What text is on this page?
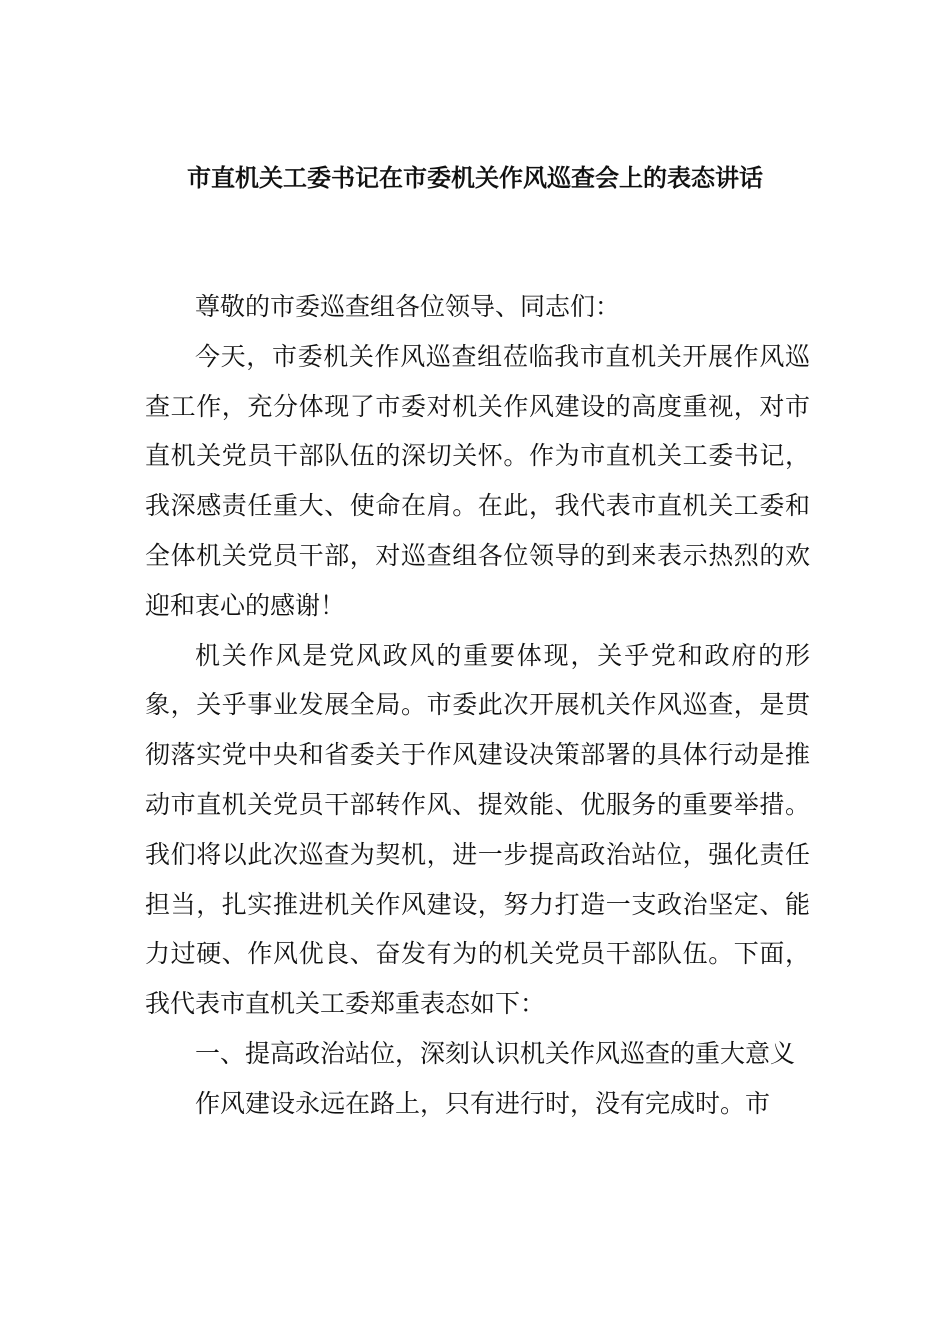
市直机关工委书记在市委机关作风巡查会上的表态讲话

尊敬的市委巡查组各位领导、同志们：

今天，市委机关作风巡查组莅临我市直机关开展作风巡查工作，充分体现了市委对机关作风建设的高度重视，对市直机关党员干部队伍的深切关怀。作为市直机关工委书记，我深感责任重大、使命在肩。在此，我代表市直机关工委和全体机关党员干部，对巡查组各位领导的到来表示热烈的欢迎和衷心的感谢！

机关作风是党风政风的重要体现，关乎党和政府的形象，关乎事业发展全局。市委此次开展机关作风巡查，是贯彻落实党中央和省委关于作风建设决策部署的具体行动是推动市直机关党员干部转作风、提效能、优服务的重要举措。我们将以此次巡查为契机，进一步提高政治站位，强化责任担当，扎实推进机关作风建设，努力打造一支政治坚定、能力过硬、作风优良、奋发有为的机关党员干部队伍。下面，我代表市直机关工委郑重表态如下：

一、提高政治站位，深刻认识机关作风巡查的重大意义

作风建设永远在路上，只有进行时，没有完成时。市
